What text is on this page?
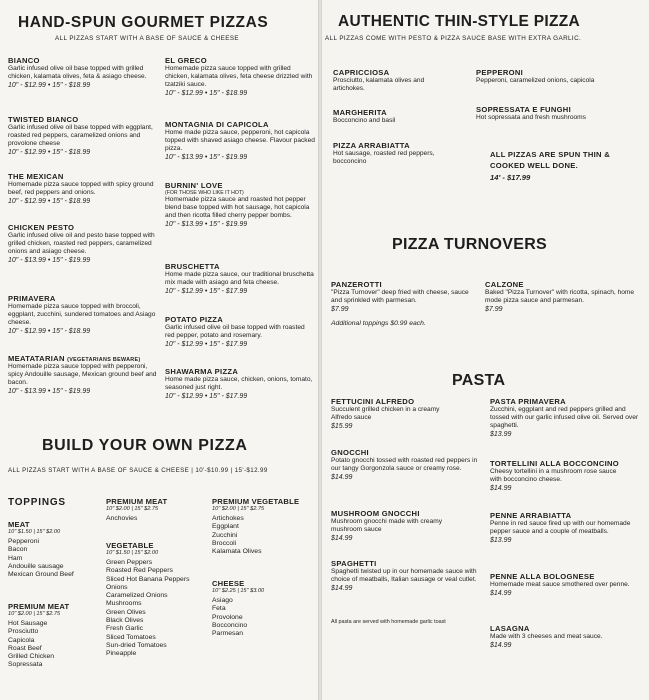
HAND-SPUN GOURMET PIZZAS
ALL PIZZAS START WITH A BASE OF SAUCE & CHEESE
BIANCO
Garlic infused olive oil base topped with grilled chicken, kalamata olives, feta & asiago cheese.
10" - $12.99 • 15" - $18.99
TWISTED BIANCO
Garlic infused olive oil base topped with eggplant, roasted red peppers, caramelized onions and provolone cheese
10" - $12.99 • 15" - $18.99
THE MEXICAN
Homemade pizza sauce topped with spicy ground beef, red peppers and onions.
10" - $12.99 • 15" - $18.99
CHICKEN PESTO
Garlic infused olive oil and pesto base topped with grilled chicken, roasted red peppers, caramelized onions and asiago cheese.
10" - $13.99 • 15" - $19.99
PRIMAVERA
Homemade pizza sauce topped with broccoli, eggplant, zucchini, sundered tomatoes and Asiago cheese.
10" - $12.99 • 15" - $18.99
MEATATARIAN (VEGETARIANS BEWARE)
Homemade pizza sauce topped with pepperoni, spicy Andouille sausage, Mexican ground beef and bacon.
10" - $13.99 • 15" - $19.99
EL GRECO
Homemade pizza sauce topped with grilled chicken, kalamata olives, feta cheese drizzled with tzatziki sauce.
10" - $12.99 • 15" - $18.99
MONTAGNIA DI CAPICOLA
Home made pizza sauce, pepperoni, hot capicola topped with shaved asiago cheese. Flavour packed pizza.
10" - $13.99 • 15" - $19.99
BURNIN' LOVE
(FOR THOSE WHO LIKE IT HOT)
Homemade pizza sauce and roasted hot pepper blend base topped with hot sausage, hot capicola and then ricotta filled cherry pepper bombs.
10" - $13.99 • 15" - $19.99
BRUSCHETTA
Home made pizza sauce, our traditional bruschetta mix made with asiago and feta cheese.
10" - $12.99 • 15" - $17.99
POTATO PIZZA
Garlic infused olive oil base topped with roasted red pepper, potato and rosemary.
10" - $12.99 • 15" - $17.99
SHAWARMA PIZZA
Home made pizza sauce, chicken, onions, tomato, seasoned just right.
10" - $12.99 • 15" - $17.99
BUILD YOUR OWN PIZZA
ALL PIZZAS START WITH A BASE OF SAUCE & CHEESE | 10'-$10.99 | 15'-$12.99
TOPPINGS
MEAT
10" $1.50 | 15" $2.00
Pepperoni
Bacon
Ham
Andouille sausage
Mexican Ground Beef
PREMIUM MEAT
10" $2.00 | 15" $2.75
Hot Sausage
Prosciutto
Capicola
Roast Beef
Grilled Chicken
Sopressata
PREMIUM MEAT
10" $2.00 | 15" $2.75
Anchovies
VEGETABLE
10" $1.50 | 15" $2.00
Green Peppers
Roasted Red Peppers
Sliced Hot Banana Peppers
Onions
Caramelized Onions
Mushrooms
Green Olives
Black Olives
Fresh Garlic
Sliced Tomatoes
Sun-dried Tomatoes
Pineapple
PREMIUM VEGETABLE
10" $2.00 | 15" $2.75
Artichokes
Eggplant
Zucchini
Broccoli
Kalamata Olives
CHEESE
10" $2.25 | 15" $3.00
Asiago
Feta
Provolone
Bocconcino
Parmesan
AUTHENTIC THIN-STYLE PIZZA
ALL PIZZAS COME WITH PESTO & PIZZA SAUCE BASE WITH EXTRA GARLIC.
CAPRICCIOSA
Prosciutto, kalamata olives and artichokes.
MARGHERITA
Bocconcino and basil
PIZZA ARRABIATTA
Hot sausage, roasted red peppers, bocconcino
PEPPERONI
Pepperoni, caramelized onions, capicola
SOPRESSATA E FUNGHI
Hot sopressata and fresh mushrooms
ALL PIZZAS ARE SPUN THIN & COOKED WELL DONE.
14' - $17.99
PIZZA TURNOVERS
PANZEROTTI
"Pizza Turnover" deep fried with cheese, sauce and sprinkled with parmesan.
$7.99
CALZONE
Baked "Pizza Turnover" with ricotta, spinach, home mode pizza sauce and parmesan.
$7.99
Additional toppings $0.99 each.
PASTA
FETTUCINI ALFREDO
Succulent grilled chicken in a creamy Alfredo sauce
$15.99
GNOCCHI
Potato gnocchi tossed with roasted red peppers in our tangy Gorgonzola sauce or creamy rose.
$14.99
MUSHROOM GNOCCHI
Mushroom gnocchi made with creamy mushroom sauce
$14.99
SPAGHETTI
Spaghetti twisted up in our homemade sauce with choice of meatballs, Italian sausage or veal cutlet.
$14.99
All pasta are served with homemade garlic toast
PASTA PRIMAVERA
Zucchini, eggplant and red peppers grilled and tossed with our garlic infused olive oil. Served over spaghetti.
$13.99
TORTELLINI ALLA BOCCONCINO
Cheesy tortellini in a mushroom rose sauce with bocconcino cheese.
$14.99
PENNE ARRABIATTA
Penne in red sauce fired up with our homemade pepper sauce and a couple of meatballs.
$13.99
PENNE ALLA BOLOGNESE
Homemade meat sauce smothered over penne.
$14.99
LASAGNA
Made with 3 cheeses and meat sauce.
$14.99
